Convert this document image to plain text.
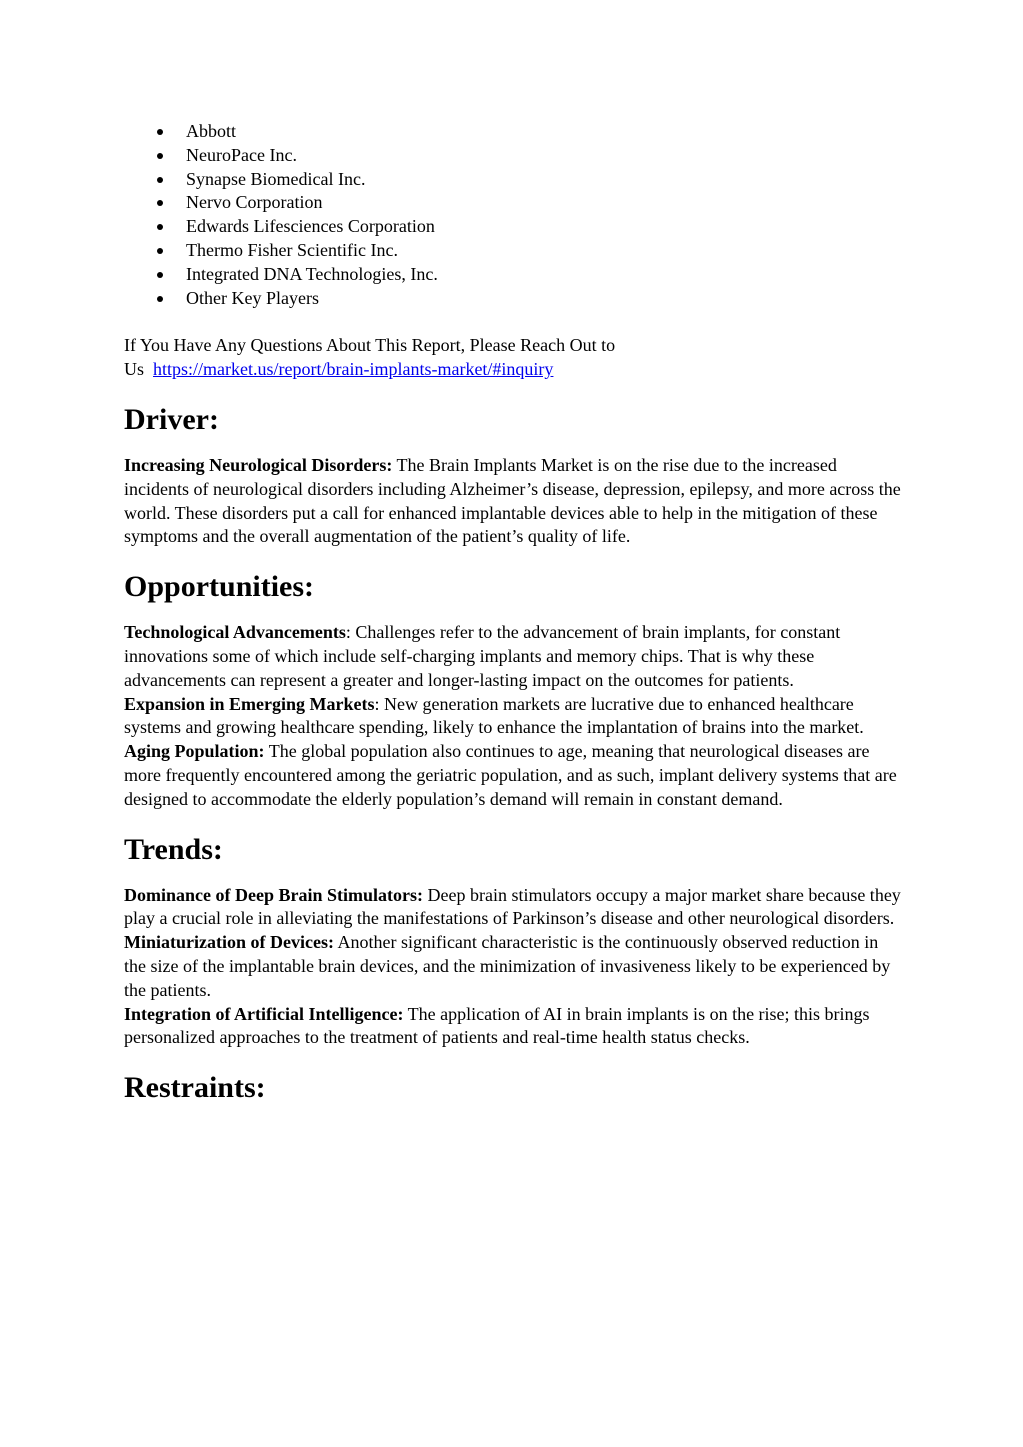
Abbott
NeuroPace Inc.
Synapse Biomedical Inc.
Nervo Corporation
Edwards Lifesciences Corporation
Thermo Fisher Scientific Inc.
Integrated DNA Technologies, Inc.
Other Key Players

If You Have Any Questions About This Report, Please Reach Out to
Us https://market.us/report/brain-implants-market/#inquiry

Driver:

Increasing Neurological Disorders: The Brain Implants Market is on the rise due to the increased incidents of neurological disorders including Alzheimer’s disease, depression, epilepsy, and more across the world. These disorders put a call for enhanced implantable devices able to help in the mitigation of these symptoms and the overall augmentation of the patient’s quality of life.

Opportunities:

Technological Advancements: Challenges refer to the advancement of brain implants, for constant innovations some of which include self-charging implants and memory chips. That is why these advancements can represent a greater and longer-lasting impact on the outcomes for patients.

Expansion in Emerging Markets: New generation markets are lucrative due to enhanced healthcare systems and growing healthcare spending, likely to enhance the implantation of brains into the market.

Aging Population: The global population also continues to age, meaning that neurological diseases are more frequently encountered among the geriatric population, and as such, implant delivery systems that are designed to accommodate the elderly population’s demand will remain in constant demand.

Trends:

Dominance of Deep Brain Stimulators: Deep brain stimulators occupy a major market share because they play a crucial role in alleviating the manifestations of Parkinson’s disease and other neurological disorders.

Miniaturization of Devices: Another significant characteristic is the continuously observed reduction in the size of the implantable brain devices, and the minimization of invasiveness likely to be experienced by the patients.

Integration of Artificial Intelligence: The application of AI in brain implants is on the rise; this brings personalized approaches to the treatment of patients and real-time health status checks.

Restraints:
